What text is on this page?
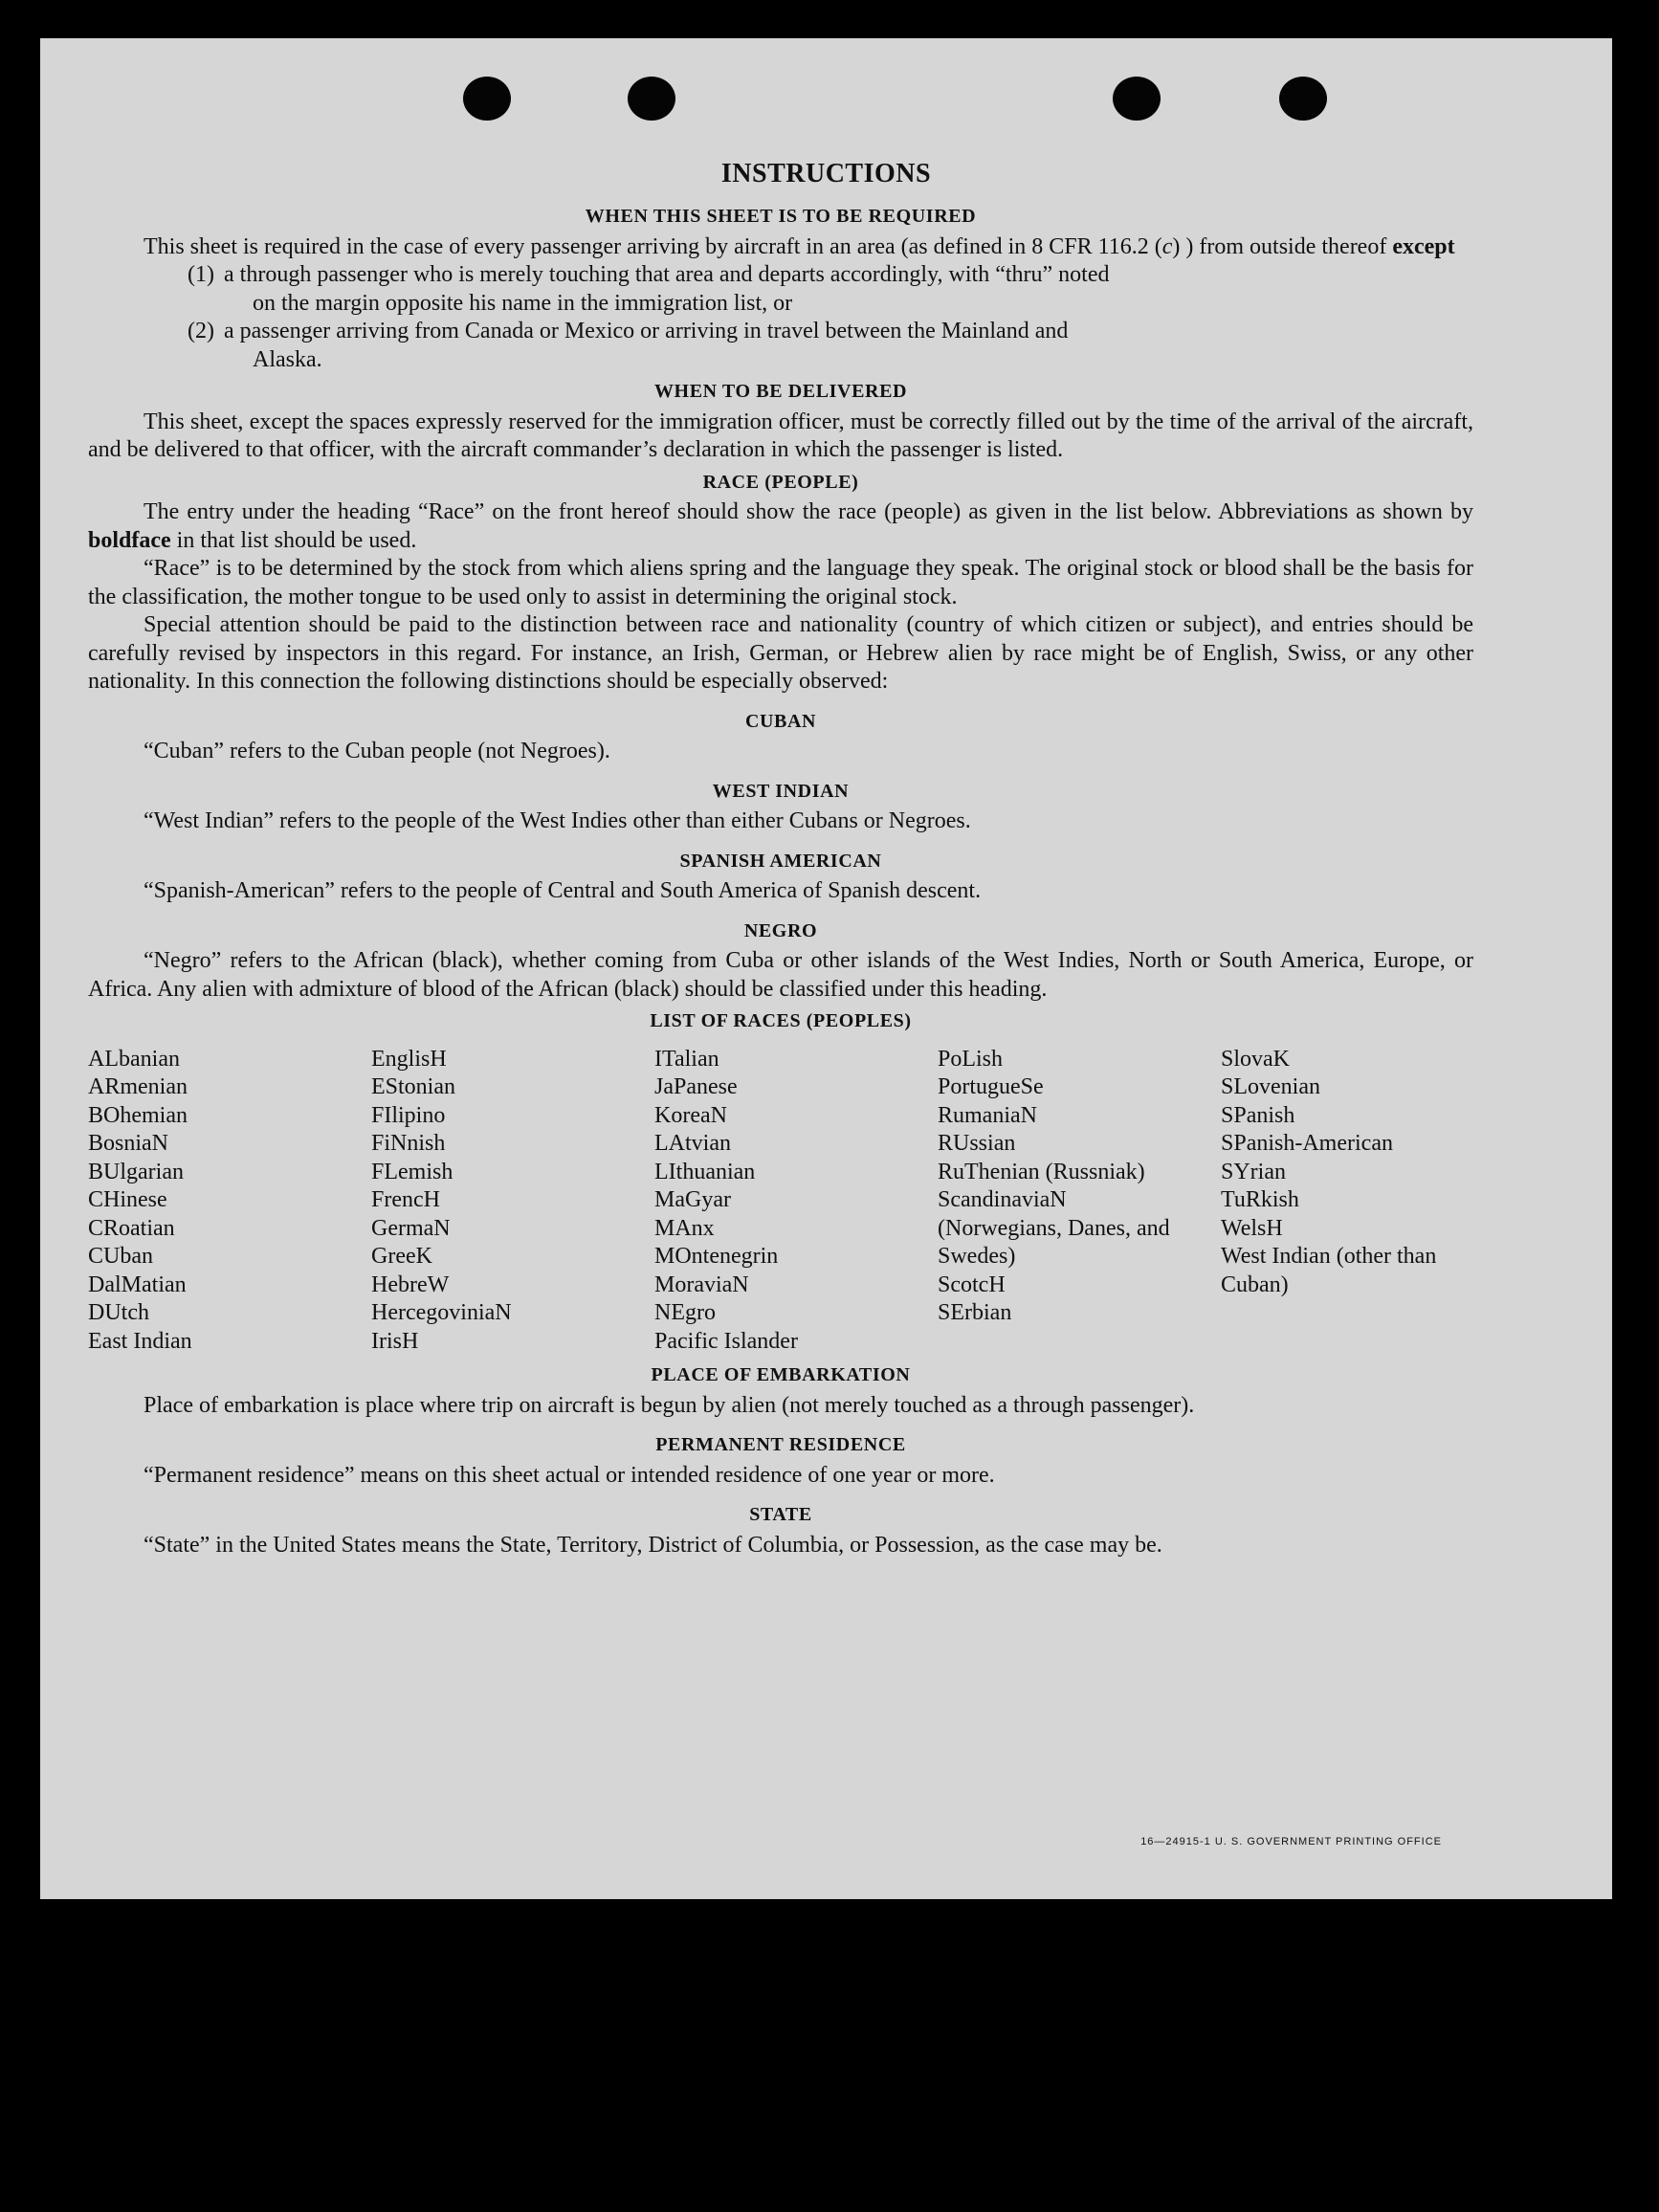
INSTRUCTIONS
WHEN THIS SHEET IS TO BE REQUIRED

This sheet is required in the case of every passenger arriving by aircraft in an area (as defined in 8 CFR 116.2 (c) ) from outside thereof except

(1) a through passenger who is merely touching that area and departs accordingly, with “thru” noted
on the margin opposite his name in the immigration list, or
(2) a passenger arriving from Canada or Mexico or arriving in travel between the Mainland and
Alaska.
WHEN TO BE DELIVERED

This sheet, except the spaces expressly reserved for the immigration officer, must be correctly filled out by the time of the arrival of the aircraft, and be delivered to that officer, with the aircraft commander’s declaration in which the passenger is listed.

RACE (PEOPLE)

The entry under the heading “Race” on the front hereof should show the race (people) as given in the list below. Abbreviations as shown by boldface in that list should be used.

“Race” is to be determined by the stock from which aliens spring and the language they speak. The original stock or blood shall be the basis for the classification, the mother tongue to be used only to assist in determining the original stock.

Special attention should be paid to the distinction between race and nationality (country of which citizen or subject), and entries should be carefully revised by inspectors in this regard. For instance, an Irish, German, or Hebrew alien by race might be of English, Swiss, or any other nationality. In this connection the following distinctions should be especially observed:

CUBAN

“Cuban” refers to the Cuban people (not Negroes).

WEST INDIAN

“West Indian” refers to the people of the West Indies other than either Cubans or Negroes.

SPANISH AMERICAN

“Spanish-American” refers to the people of Central and South America of Spanish descent.

NEGRO

“Negro” refers to the African (black), whether coming from Cuba or other islands of the West Indies, North or South America, Europe, or Africa. Any alien with admixture of blood of the African (black) should be classified under this heading.

LIST OF RACES (PEOPLES)
ALbanian
ARmenian
BOhemian
BosniaN
BUlgarian
CHinese
CRoatian
CUban
DalMatian
DUtch
East Indian
EnglisH
EStonian
FIlipino
FiNnish
FLemish
FrencH
GermaN
GreeK
HebreW
HercegoviniaN
IrisH
ITalian
JaPanese
KoreaN
LAtvian
LIthuanian
MaGyar
MAnx
MOntenegrin
MoraviaN
NEgro
Pacific Islander
PoLish
PortugueSe
RumaniaN
RUssian
RuThenian (Russniak)
ScandinaviaN (Norwegians, Danes, and Swedes)
ScotcH
SErbian
SlovaK
SLovenian
SPanish
SPanish-American
SYrian
TuRkish
WelsH
West Indian (other than Cuban)
PLACE OF EMBARKATION

Place of embarkation is place where trip on aircraft is begun by alien (not merely touched as a through passenger).

PERMANENT RESIDENCE

“Permanent residence” means on this sheet actual or intended residence of one year or more.

STATE

“State” in the United States means the State, Territory, District of Columbia, or Possession, as the case may be.

16—24915-1 U. S. GOVERNMENT PRINTING OFFICE
